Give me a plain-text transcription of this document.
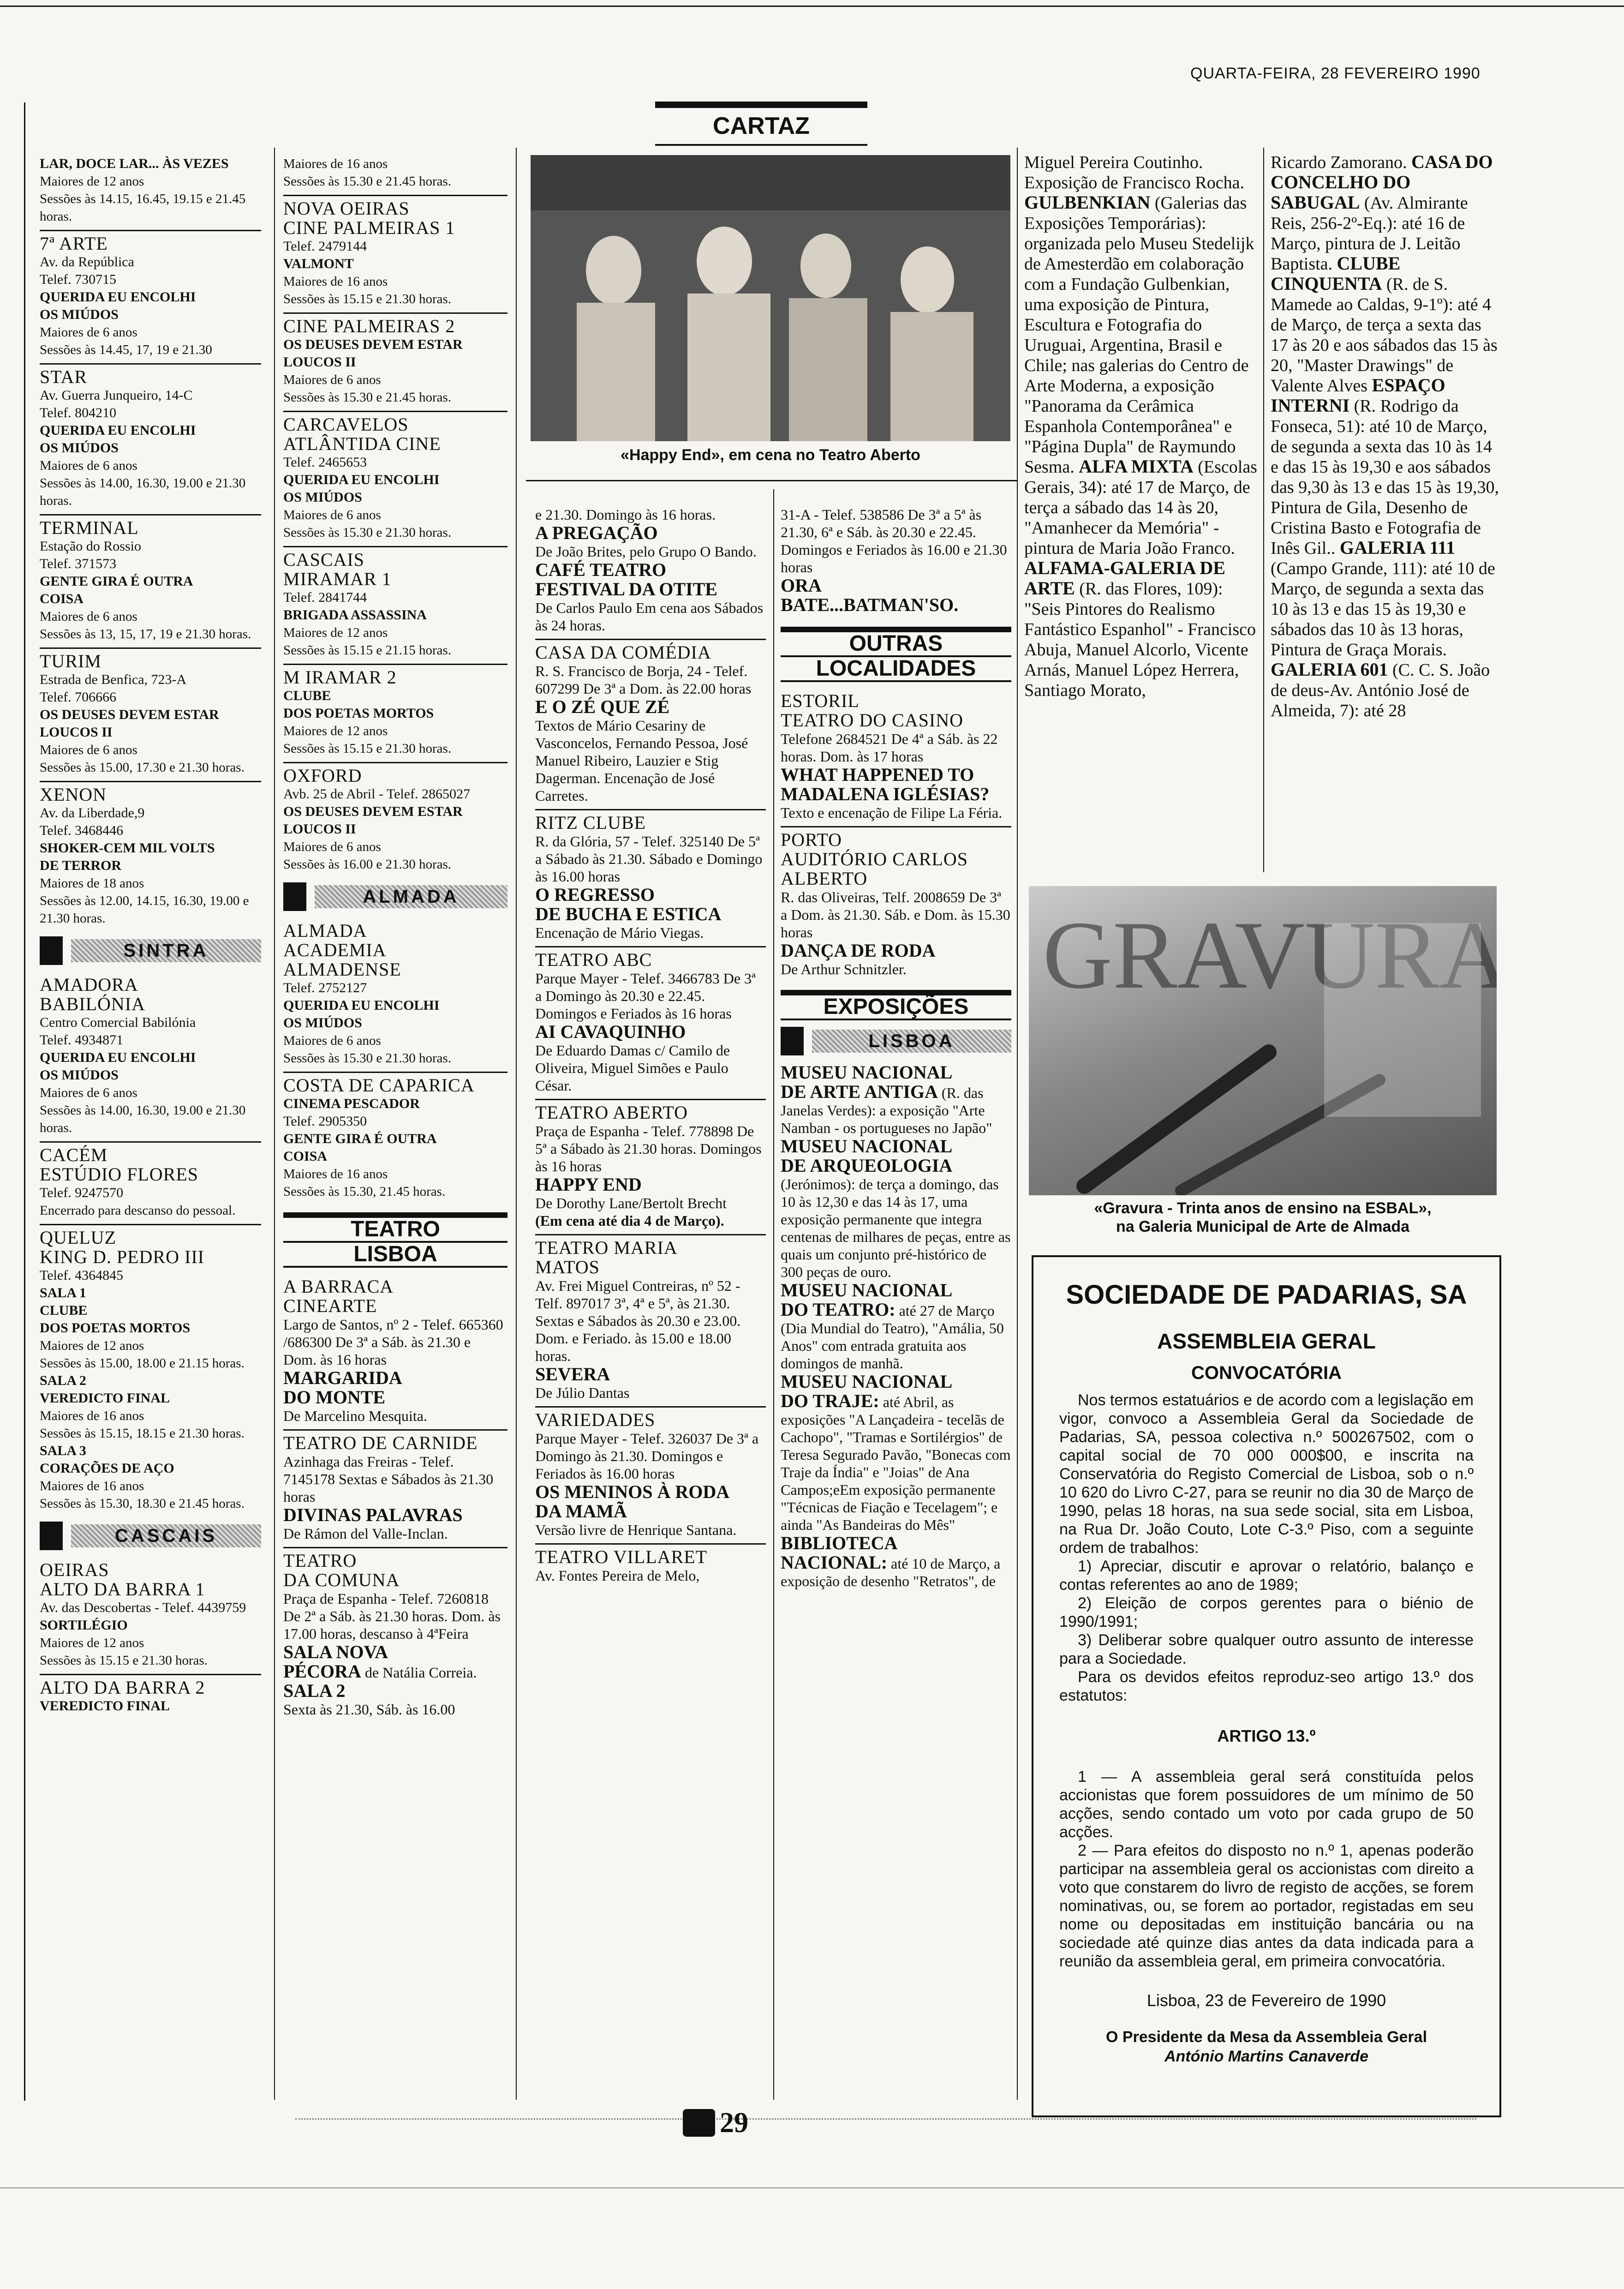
QUARTA-FEIRA, 28 FEVEREIRO 1990
CARTAZ
LAR, DOCE LAR... ÀS VEZES
Maiores de 12 anos
Sessões às 14.15, 16.45, 19.15 e 21.45 horas.
7ª ARTE
Av. da República
Telef. 730715
QUERIDA EU ENCOLHI
OS MIÚDOS
Maiores de 6 anos
Sessões às 14.45, 17, 19 e 21.30
STAR
Av. Guerra Junqueiro, 14-C
Telef. 804210
QUERIDA EU ENCOLHI
OS MIÚDOS
Maiores de 6 anos
Sessões às 14.00, 16.30, 19.00 e 21.30 horas.
TERMINAL
Estação do Rossio
Telef. 371573
GENTE GIRA É OUTRA
COISA
Maiores de 6 anos
Sessões às 13, 15, 17, 19 e 21.30 horas.
TURIM
Estrada de Benfica, 723-A
Telef. 706666
OS DEUSES DEVEM ESTAR
LOUCOS II
Maiores de 6 anos
Sessões às 15.00, 17.30 e 21.30 horas.
XENON
Av. da Liberdade,9
Telef. 3468446
SHOKER-CEM MIL VOLTS
DE TERROR
Maiores de 18 anos
Sessões às 12.00, 14.15, 16.30, 19.00 e 21.30 horas.
SINTRA
AMADORA
BABILÓNIA
Centro Comercial Babilónia
Telef. 4934871
QUERIDA EU ENCOLHI
OS MIÚDOS
Maiores de 6 anos
Sessões às 14.00, 16.30, 19.00 e 21.30 horas.
CACÉM
ESTÚDIO FLORES
Telef. 9247570
Encerrado para descanso do pessoal.
QUELUZ
KING D. PEDRO III
Telef. 4364845
SALA 1
CLUBE
DOS POETAS MORTOS
Maiores de 12 anos
Sessões às 15.00, 18.00 e 21.15 horas.
SALA 2
VEREDICTO FINAL
Maiores de 16 anos
Sessões às 15.15, 18.15 e 21.30 horas.
SALA 3
CORAÇÕES DE AÇO
Maiores de 16 anos
Sessões às 15.30, 18.30 e 21.45 horas.
CASCAIS
OEIRAS
ALTO DA BARRA 1
Av. das Descobertas - Telef. 4439759
SORTILÉGIO
Maiores de 12 anos
Sessões às 15.15 e 21.30 horas.
ALTO DA BARRA 2
VEREDICTO FINAL
Maiores de 16 anos
Sessões às 15.30 e 21.45 horas.
NOVA OEIRAS
CINE PALMEIRAS 1
Telef. 2479144
VALMONT
Maiores de 16 anos
Sessões às 15.15 e 21.30 horas.
CINE PALMEIRAS 2
OS DEUSES DEVEM ESTAR
LOUCOS II
Maiores de 6 anos
Sessões às 15.30 e 21.45 horas.
CARCAVELOS
ATLÂNTIDA CINE
Telef. 2465653
QUERIDA EU ENCOLHI
OS MIÚDOS
Maiores de 6 anos
Sessões às 15.30 e 21.30 horas.
CASCAIS
MIRAMAR 1
Telef. 2841744
BRIGADA ASSASSINA
Maiores de 12 anos
Sessões às 15.15 e 21.15 horas.
M IRAMAR 2
CLUBE
DOS POETAS MORTOS
Maiores de 12 anos
Sessões às 15.15 e 21.30 horas.
OXFORD
Avb. 25 de Abril - Telef. 2865027
OS DEUSES DEVEM ESTAR
LOUCOS II
Maiores de 6 anos
Sessões às 16.00 e 21.30 horas.
ALMADA
ALMADA
ACADEMIA
ALMADENSE
Telef. 2752127
QUERIDA EU ENCOLHI
OS MIÚDOS
Maiores de 6 anos
Sessões às 15.30 e 21.30 horas.
COSTA DE CAPARICA
CINEMA PESCADOR
Telef. 2905350
GENTE GIRA É OUTRA
COISA
Maiores de 16 anos
Sessões às 15.30, 21.45 horas.
TEATRO
LISBOA
A BARRACA
CINEARTE
Largo de Santos, nº 2 - Telef. 665360 /686300 De 3ª a Sáb. às 21.30 e Dom. às 16 horas
MARGARIDA
DO MONTE
De Marcelino Mesquita.
TEATRO DE CARNIDE
Azinhaga das Freiras - Telef. 7145178 Sextas e Sábados às 21.30 horas
DIVINAS PALAVRAS
De Rámon del Valle-Inclan.
TEATRO
DA COMUNA
Praça de Espanha - Telef. 7260818 De 2ª a Sáb. às 21.30 horas. Dom. às 17.00 horas, descanso à 4ªFeira
SALA NOVA
PÉCORA de Natália Correia.
SALA 2
Sexta às 21.30, Sáb. às 16.00
«Happy End», em cena no Teatro Aberto
e 21.30. Domingo às 16 horas.
A PREGAÇÃO
De João Brites, pelo Grupo O Bando.
CAFÉ TEATRO
FESTIVAL DA OTITE
De Carlos Paulo Em cena aos Sábados às 24 horas.
CASA DA COMÉDIA
R. S. Francisco de Borja, 24 - Telef. 607299 De 3ª a Dom. às 22.00 horas
E O ZÉ QUE ZÉ
Textos de Mário Cesariny de Vasconcelos, Fernando Pessoa, José Manuel Ribeiro, Lauzier e Stig Dagerman. Encenação de José Carretes.
RITZ CLUBE
R. da Glória, 57 - Telef. 325140 De 5ª a Sábado às 21.30. Sábado e Domingo às 16.00 horas
O REGRESSO
DE BUCHA E ESTICA
Encenação de Mário Viegas.
TEATRO ABC
Parque Mayer - Telef. 3466783 De 3ª a Domingo às 20.30 e 22.45. Domingos e Feriados às 16 horas
AI CAVAQUINHO
De Eduardo Damas c/ Camilo de Oliveira, Miguel Simões e Paulo César.
TEATRO ABERTO
Praça de Espanha - Telef. 778898 De 5ª a Sábado às 21.30 horas. Domingos às 16 horas
HAPPY END
De Dorothy Lane/Bertolt Brecht
(Em cena até dia 4 de Março).
TEATRO MARIA
MATOS
Av. Frei Miguel Contreiras, nº 52 - Telf. 897017 3ª, 4ª e 5ª, às 21.30. Sextas e Sábados às 20.30 e 23.00. Dom. e Feriado. às 15.00 e 18.00 horas.
SEVERA
De Júlio Dantas
VARIEDADES
Parque Mayer - Telef. 326037 De 3ª a Domingo às 21.30. Domingos e Feriados às 16.00 horas
OS MENINOS À RODA
DA MAMÃ
Versão livre de Henrique Santana.
TEATRO VILLARET
Av. Fontes Pereira de Melo,
31-A - Telef. 538586 De 3ª a 5ª às 21.30, 6ª e Sáb. às 20.30 e 22.45. Domingos e Feriados às 16.00 e 21.30 horas
ORA
BATE...BATMAN'SO.
OUTRAS
LOCALIDADES
ESTORIL
TEATRO DO CASINO
Telefone 2684521 De 4ª a Sáb. às 22 horas. Dom. às 17 horas
WHAT HAPPENED TO
MADALENA IGLÉSIAS?
Texto e encenação de Filipe La Féria.
PORTO
AUDITÓRIO CARLOS
ALBERTO
R. das Oliveiras, Telf. 2008659 De 3ª a Dom. às 21.30. Sáb. e Dom. às 15.30 horas
DANÇA DE RODA
De Arthur Schnitzler.
EXPOSIÇÕES
LISBOA
MUSEU NACIONAL
DE ARTE ANTIGA (R. das Janelas Verdes): a exposição "Arte Namban - os portugueses no Japão"
MUSEU NACIONAL
DE ARQUEOLOGIA
(Jerónimos): de terça a domingo, das 10 às 12,30 e das 14 às 17, uma exposição permanente que integra centenas de milhares de peças, entre as quais um conjunto pré-histórico de 300 peças de ouro.
MUSEU NACIONAL
DO TEATRO: até 27 de Março (Dia Mundial do Teatro), "Amália, 50 Anos" com entrada gratuita aos domingos de manhã.
MUSEU NACIONAL
DO TRAJE: até Abril, as exposições "A Lançadeira - tecelãs de Cachopo", "Tramas e Sortilérgios" de Teresa Segurado Pavão, "Bonecas com Traje da Índia" e "Joias" de Ana Campos;eEm exposição permanente "Técnicas de Fiação e Tecelagem"; e ainda "As Bandeiras do Mês"
BIBLIOTECA
NACIONAL: até 10 de Março, a exposição de desenho "Retratos", de
Miguel Pereira Coutinho. Exposição de Francisco Rocha. GULBENKIAN (Galerias das Exposições Temporárias): organizada pelo Museu Stedelijk de Amesterdão em colaboração com a Fundação Gulbenkian, uma exposição de Pintura, Escultura e Fotografia do Uruguai, Argentina, Brasil e Chile; nas galerias do Centro de Arte Moderna, a exposição "Panorama da Cerâmica Espanhola Contemporânea" e "Página Dupla" de Raymundo Sesma. ALFA MIXTA (Escolas Gerais, 34): até 17 de Março, de terça a sábado das 14 às 20, "Amanhecer da Memória" - pintura de Maria João Franco. ALFAMA-GALERIA DE ARTE (R. das Flores, 109): "Seis Pintores do Realismo Fantástico Espanhol" - Francisco Abuja, Manuel Alcorlo, Vicente Arnás, Manuel López Herrera, Santiago Morato,
Ricardo Zamorano. CASA DO CONCELHO DO SABUGAL (Av. Almirante Reis, 256-2º-Eq.): até 16 de Março, pintura de J. Leitão Baptista. CLUBE CINQUENTA (R. de S. Mamede ao Caldas, 9-1º): até 4 de Março, de terça a sexta das 17 às 20 e aos sábados das 15 às 20, "Master Drawings" de Valente Alves ESPAÇO INTERNI (R. Rodrigo da Fonseca, 51): até 10 de Março, de segunda a sexta das 10 às 14 e das 15 às 19,30 e aos sábados das 9,30 às 13 e das 15 às 19,30, Pintura de Gila, Desenho de Cristina Basto e Fotografia de Inês Gil.. GALERIA 111 (Campo Grande, 111): até 10 de Março, de segunda a sexta das 10 às 13 e das 15 às 19,30 e sábados das 10 às 13 horas, Pintura de Graça Morais. GALERIA 601 (C. C. S. João de deus-Av. António José de Almeida, 7): até 28
GRAVURA
«Gravura - Trinta anos de ensino na ESBAL»,
na Galeria Municipal de Arte de Almada
SOCIEDADE DE PADARIAS, SA
ASSEMBLEIA GERAL
CONVOCATÓRIA

Nos termos estatuários e de acordo com a legislação em vigor, convoco a Assembleia Geral da Sociedade de Padarias, SA, pessoa colectiva n.º 500267502, com o capital social de 70 000 000$00, e inscrita na Conservatória do Registo Comercial de Lisboa, sob o n.º 10 620 do Livro C-27, para se reunir no dia 30 de Março de 1990, pelas 18 horas, na sua sede social, sita em Lisboa, na Rua Dr. João Couto, Lote C-3.º Piso, com a seguinte ordem de trabalhos:

1) Apreciar, discutir e aprovar o relatório, balanço e contas referentes ao ano de 1989;

2) Eleição de corpos gerentes para o biénio de 1990/1991;

3) Deliberar sobre qualquer outro assunto de interesse para a Sociedade.

Para os devidos efeitos reproduz-seo artigo 13.º dos estatutos:

ARTIGO 13.º

1 — A assembleia geral será constituída pelos accionistas que forem possuidores de um mínimo de 50 acções, sendo contado um voto por cada grupo de 50 acções.

2 — Para efeitos do disposto no n.º 1, apenas poderão participar na assembleia geral os accionistas com direito a voto que constarem do livro de registo de acções, se forem nominativas, ou, se forem ao portador, registadas em seu nome ou depositadas em instituição bancária ou na sociedade até quinze dias antes da data indicada para a reunião da assembleia geral, em primeira convocatória.

Lisboa, 23 de Fevereiro de 1990
O Presidente da Mesa da Assembleia Geral
António Martins Canaverde
29
